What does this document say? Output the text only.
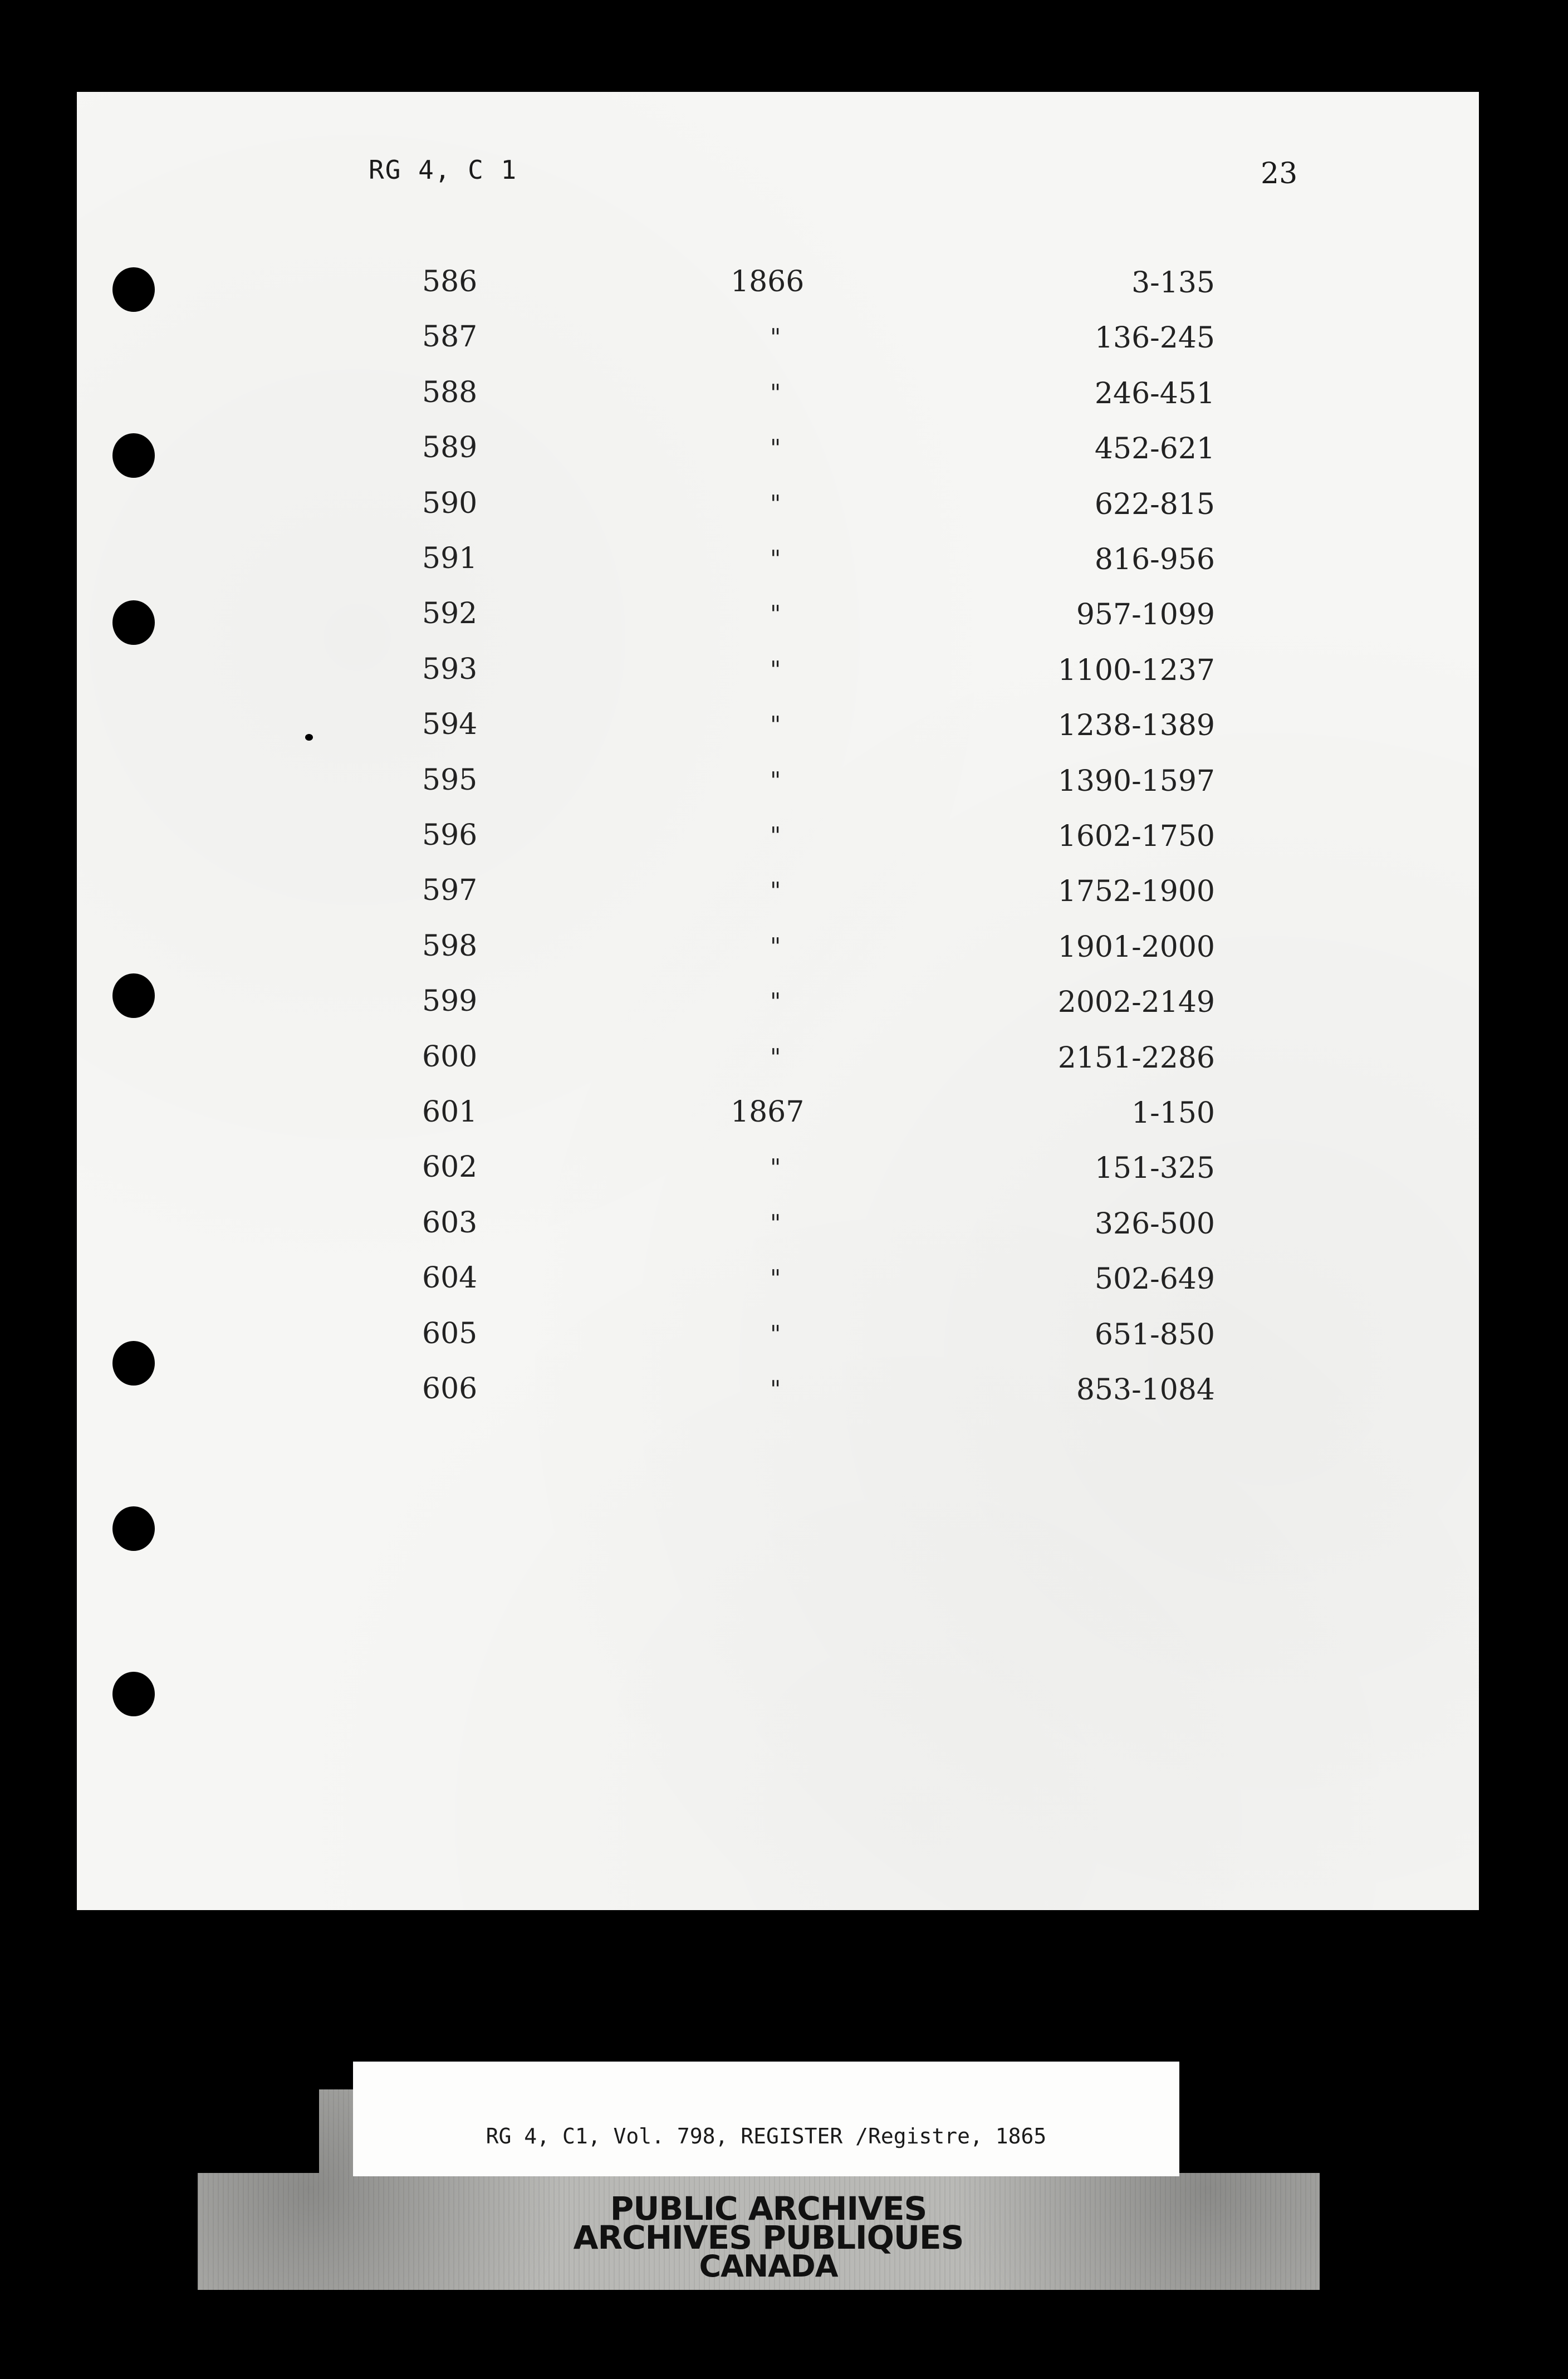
RG 4, C 1	23
586	1866	3-135
587	"	136-245
588	"	246-451
589	"	452-621
590	"	622-815
591	"	816-956
592	"	957-1099
593	"	1100-1237
594	"	1238-1389
595	"	1390-1597
596	"	1602-1750
597	"	1752-1900
598	"	1901-2000
599	"	2002-2149
600	"	2151-2286
601	1867	1-150
602	"	151-325
603	"	326-500
604	"	502-649
605	"	651-850
606	"	853-1084
RG 4, C1, Vol. 798, REGISTER /Registre, 1865
PUBLIC ARCHIVES
ARCHIVES PUBLIQUES
CANADA
